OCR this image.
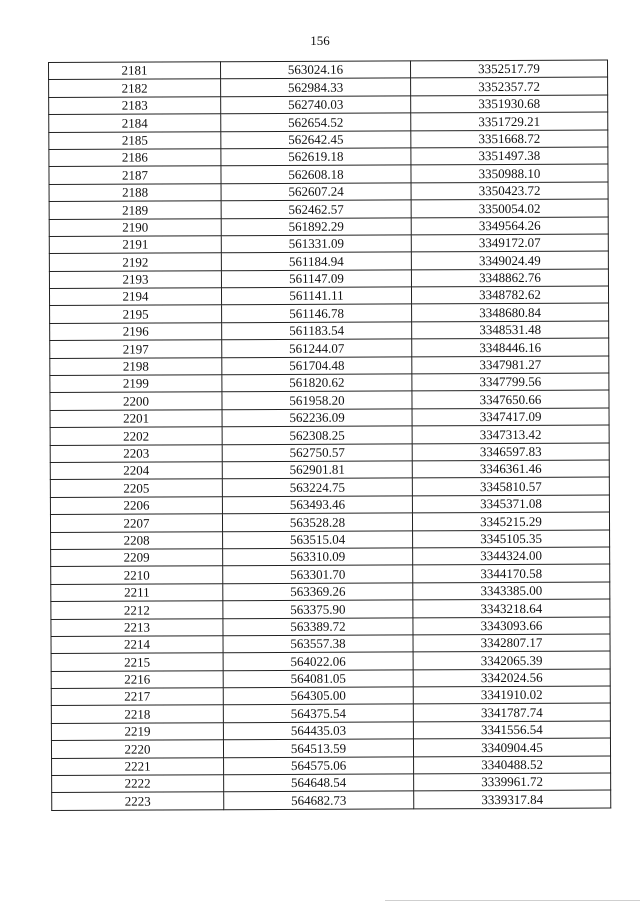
156
2181	563024.16	3352517.79
2182	562984.33	3352357.72
2183	562740.03	3351930.68
2184	562654.52	3351729.21
2185	562642.45	3351668.72
2186	562619.18	3351497.38
2187	562608.18	3350988.10
2188	562607.24	3350423.72
2189	562462.57	3350054.02
2190	561892.29	3349564.26
2191	561331.09	3349172.07
2192	561184.94	3349024.49
2193	561147.09	3348862.76
2194	561141.11	3348782.62
2195	561146.78	3348680.84
2196	561183.54	3348531.48
2197	561244.07	3348446.16
2198	561704.48	3347981.27
2199	561820.62	3347799.56
2200	561958.20	3347650.66
2201	562236.09	3347417.09
2202	562308.25	3347313.42
2203	562750.57	3346597.83
2204	562901.81	3346361.46
2205	563224.75	3345810.57
2206	563493.46	3345371.08
2207	563528.28	3345215.29
2208	563515.04	3345105.35
2209	563310.09	3344324.00
2210	563301.70	3344170.58
2211	563369.26	3343385.00
2212	563375.90	3343218.64
2213	563389.72	3343093.66
2214	563557.38	3342807.17
2215	564022.06	3342065.39
2216	564081.05	3342024.56
2217	564305.00	3341910.02
2218	564375.54	3341787.74
2219	564435.03	3341556.54
2220	564513.59	3340904.45
2221	564575.06	3340488.52
2222	564648.54	3339961.72
2223	564682.73	3339317.84
